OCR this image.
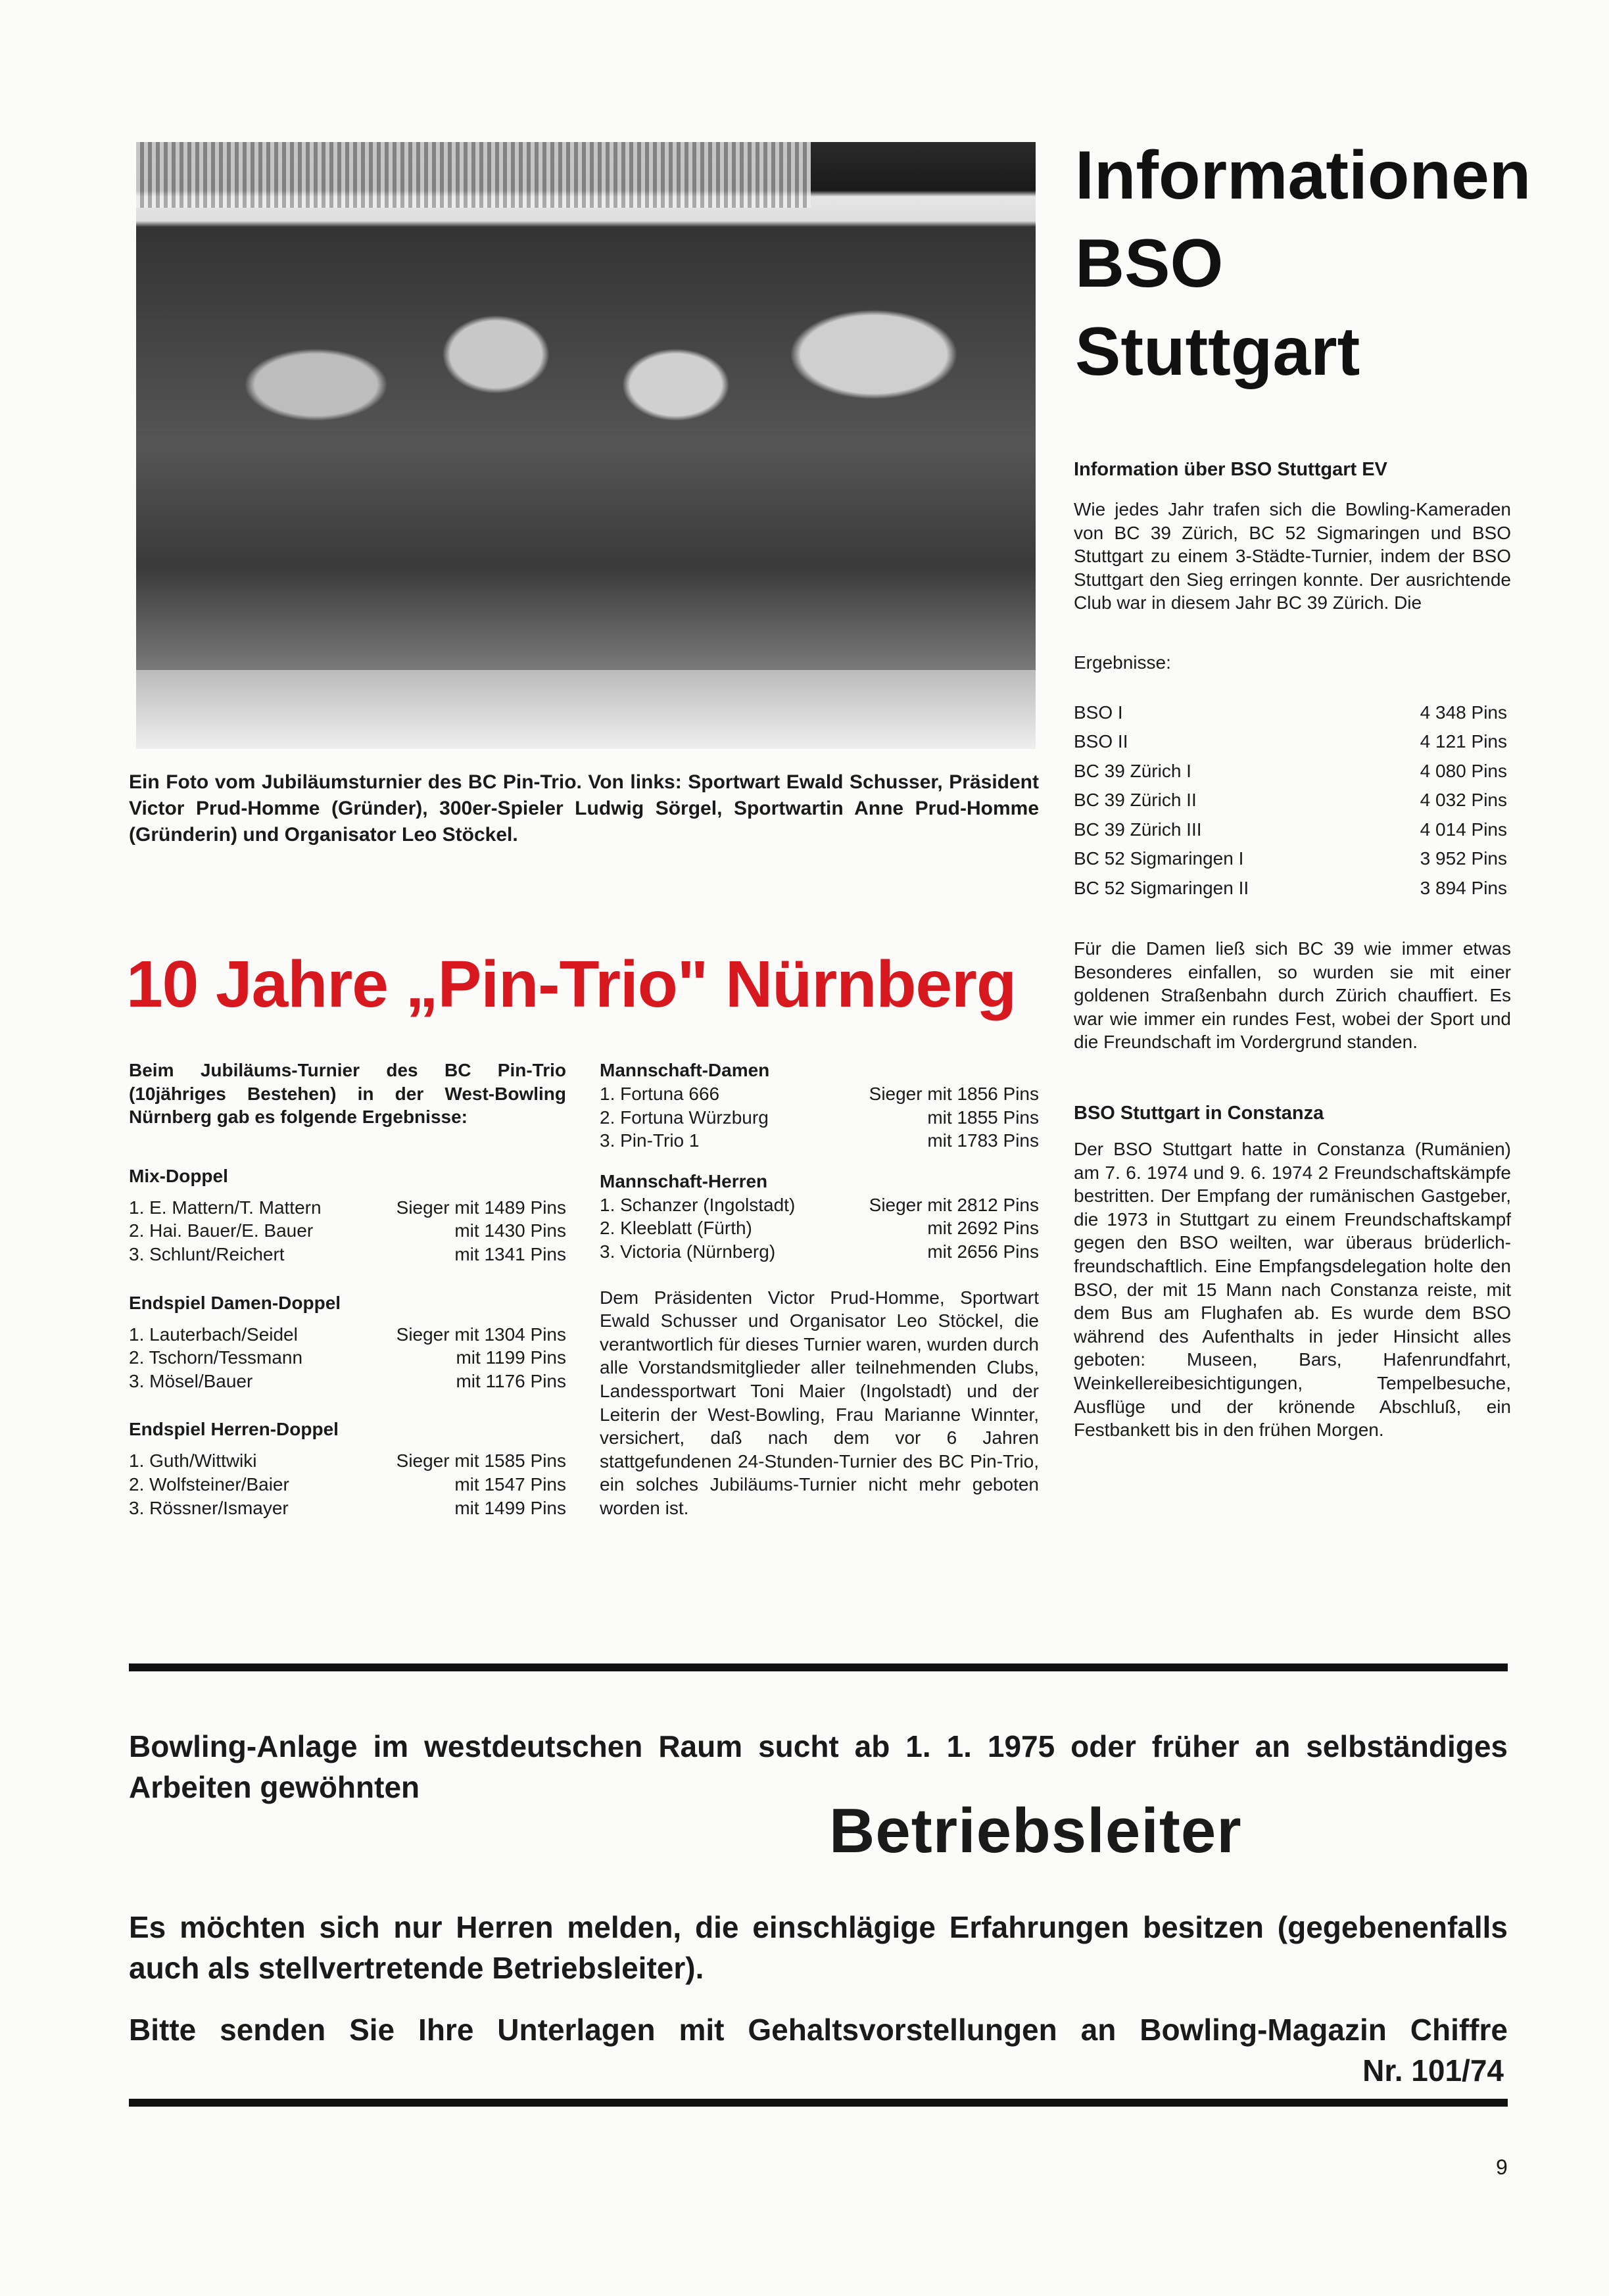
Informationen
BSO
Stuttgart
Information über BSO Stuttgart EV
Wie jedes Jahr trafen sich die Bowling-Kameraden von BC 39 Zürich, BC 52 Sigmaringen und BSO Stuttgart zu einem 3-Städte-Turnier, indem der BSO Stuttgart den Sieg erringen konnte. Der ausrichtende Club war in diesem Jahr BC 39 Zürich. Die
Ergebnisse:
BSO I	4 348 Pins
BSO II	4 121 Pins
BC 39 Zürich I	4 080 Pins
BC 39 Zürich II	4 032 Pins
BC 39 Zürich III	4 014 Pins
BC 52 Sigmaringen I	3 952 Pins
BC 52 Sigmaringen II	3 894 Pins
Für die Damen ließ sich BC 39 wie immer etwas Besonderes einfallen, so wurden sie mit einer goldenen Straßenbahn durch Zürich chauffiert. Es war wie immer ein rundes Fest, wobei der Sport und die Freundschaft im Vordergrund standen.
BSO Stuttgart in Constanza
Der BSO Stuttgart hatte in Constanza (Rumänien) am 7. 6. 1974 und 9. 6. 1974 2 Freundschaftskämpfe bestritten. Der Empfang der rumänischen Gastgeber, die 1973 in Stuttgart zu einem Freundschaftskampf gegen den BSO weilten, war überaus brüderlich-freundschaftlich. Eine Empfangsdelegation holte den BSO, der mit 15 Mann nach Constanza reiste, mit dem Bus am Flughafen ab. Es wurde dem BSO während des Aufenthalts in jeder Hinsicht alles geboten: Museen, Bars, Hafenrundfahrt, Weinkellereibesichtigungen, Tempelbesuche, Ausflüge und der krönende Abschluß, ein Festbankett bis in den frühen Morgen.
Ein Foto vom Jubiläumsturnier des BC Pin-Trio. Von links: Sportwart Ewald Schusser, Präsident Victor Prud-Homme (Gründer), 300er-Spieler Ludwig Sörgel, Sportwartin Anne Prud-Homme (Gründerin) und Organisator Leo Stöckel.
10 Jahre „Pin-Trio" Nürnberg
Beim Jubiläums-Turnier des BC Pin-Trio (10jähriges Bestehen) in der West-Bowling Nürnberg gab es folgende Ergebnisse:
Mix-Doppel
1. E. Mattern/T. Mattern	Sieger mit 1489 Pins
2. Hai. Bauer/E. Bauer	mit 1430 Pins
3. Schlunt/Reichert	mit 1341 Pins
Endspiel Damen-Doppel
1. Lauterbach/Seidel	Sieger mit 1304 Pins
2. Tschorn/Tessmann	mit 1199 Pins
3. Mösel/Bauer	mit 1176 Pins
Endspiel Herren-Doppel
1. Guth/Wittwiki	Sieger mit 1585 Pins
2. Wolfsteiner/Baier	mit 1547 Pins
3. Rössner/Ismayer	mit 1499 Pins
Mannschaft-Damen
1. Fortuna 666	Sieger mit 1856 Pins
2. Fortuna Würzburg	mit 1855 Pins
3. Pin-Trio 1	mit 1783 Pins
Mannschaft-Herren
1. Schanzer (Ingolstadt)	Sieger mit 2812 Pins
2. Kleeblatt (Fürth)	mit 2692 Pins
3. Victoria (Nürnberg)	mit 2656 Pins
Dem Präsidenten Victor Prud-Homme, Sportwart Ewald Schusser und Organisator Leo Stöckel, die verantwortlich für dieses Turnier waren, wurden durch alle Vorstandsmitglieder aller teilnehmenden Clubs, Landessportwart Toni Maier (Ingolstadt) und der Leiterin der West-Bowling, Frau Marianne Winnter, versichert, daß nach dem vor 6 Jahren stattgefundenen 24-Stunden-Turnier des BC Pin-Trio, ein solches Jubiläums-Turnier nicht mehr geboten worden ist.
Bowling-Anlage im westdeutschen Raum sucht ab 1. 1. 1975 oder früher an selbständiges Arbeiten gewöhnten
Betriebsleiter
Es möchten sich nur Herren melden, die einschlägige Erfahrungen besitzen (gegebenenfalls auch als stellvertretende Betriebsleiter).
Bitte senden Sie Ihre Unterlagen mit Gehaltsvorstellungen an Bowling-Magazin Chiffre
Nr. 101/74
9
